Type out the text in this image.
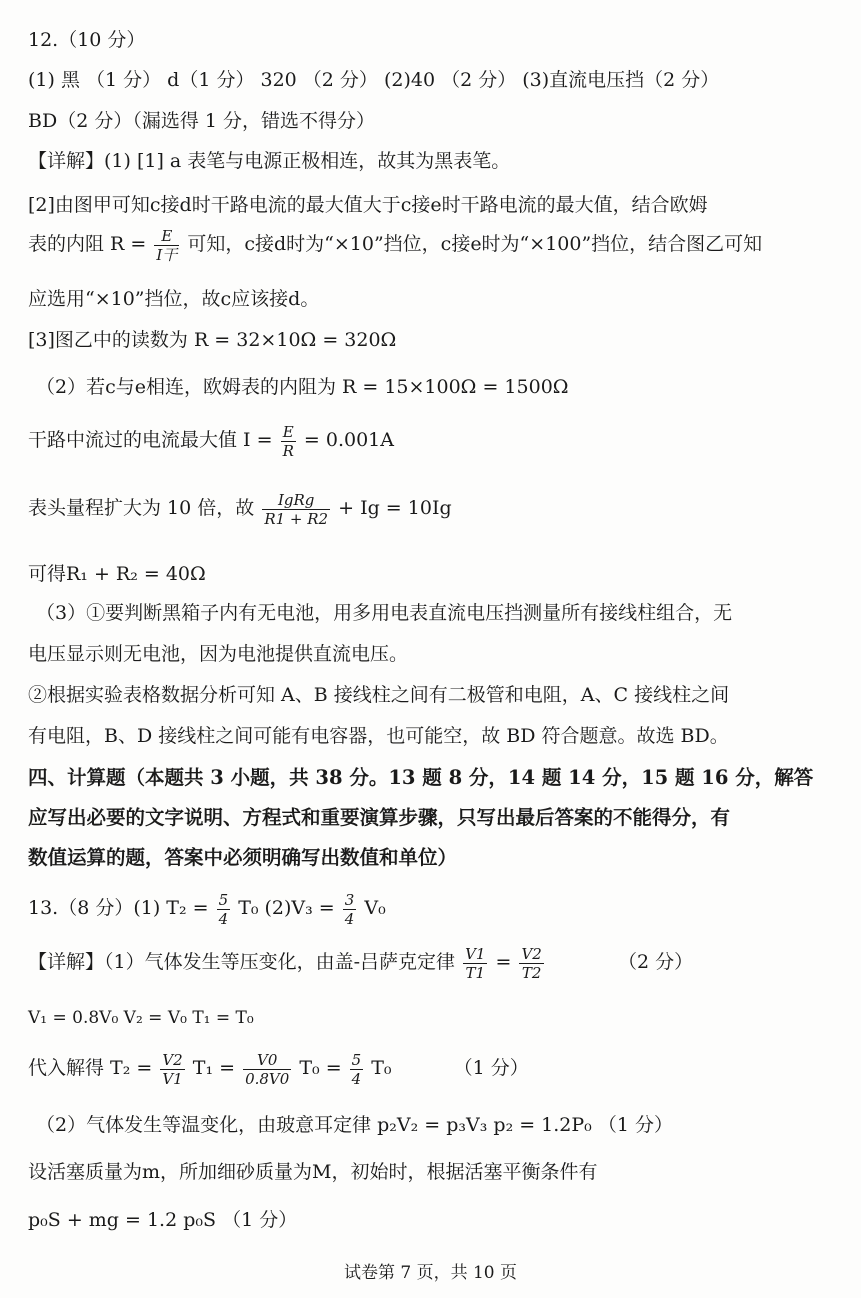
12.（10 分）
(1) 黑 （1 分） d（1 分） 320 （2 分） (2)40 （2 分） (3)直流电压挡（2 分）
BD（2 分）（漏选得 1 分，错选不得分）
【详解】(1) [1] a 表笔与电源正极相连，故其为黑表笔。
[2]由图甲可知c接d时干路电流的最大值大于c接e时干路电流的最大值，结合欧姆
表的内阻 $R = \frac{E}{\text{I干}}$ 可知，c接d时为“×10”挡位，c接e时为“×100”挡位，结合图乙可知
应选用“×10”挡位，故c应该接d。
[3]图乙中的读数为 R = 32×10Ω = 320Ω
（2）若c与e相连，欧姆表的内阻为 R = 15×100Ω = 1500Ω
干路中流过的电流最大值 $I = \frac{E}{R} = 0.001A$
表头量程扩大为 10 倍，故 $\frac{\text{IgRg}}{R1 + R2} + Ig = 10Ig$
可得R₁ + R₂ = 40Ω
（3）①要判断黑箱子内有无电池，用多用电表直流电压挡测量所有接线柱组合，无
电压显示则无电池，因为电池提供直流电压。
②根据实验表格数据分析可知 A、B 接线柱之间有二极管和电阻，A、C 接线柱之间
有电阻，B、D 接线柱之间可能有电容器，也可能空，故 BD 符合题意。故选 BD。
四、计算题（本题共 3 小题，共 38 分。13 题 8 分，14 题 14 分，15 题 16 分，解答
应写出必要的文字说明、方程式和重要演算步骤，只写出最后答案的不能得分，有
数值运算的题，答案中必须明确写出数值和单位）
13.（8 分）(1) $T_2 = \frac{5}{4} T_0$ $(2)V_3 = \frac{3}{4} V_0$
【详解】（1）气体发生等压变化，由盖-吕萨克定律 $\frac{V1}{T1} = \frac{V2}{T2}$	（2 分）
V₁ = 0.8V₀ V₂ = V₀ T₁ = T₀
代入解得 $T_2 = \frac{V2}{V1} T_1 = \frac{V0}{0.8V0} T_0 = \frac{5}{4} T_0$	（1 分）
（2）气体发生等温变化，由玻意耳定律 p₂V₂ = p₃V₃ p₂ = 1.2P₀ （1 分）
设活塞质量为m，所加细砂质量为M，初始时，根据活塞平衡条件有
p₀S + mg = 1.2 p₀S （1 分）
试卷第 7 页，共 10 页
